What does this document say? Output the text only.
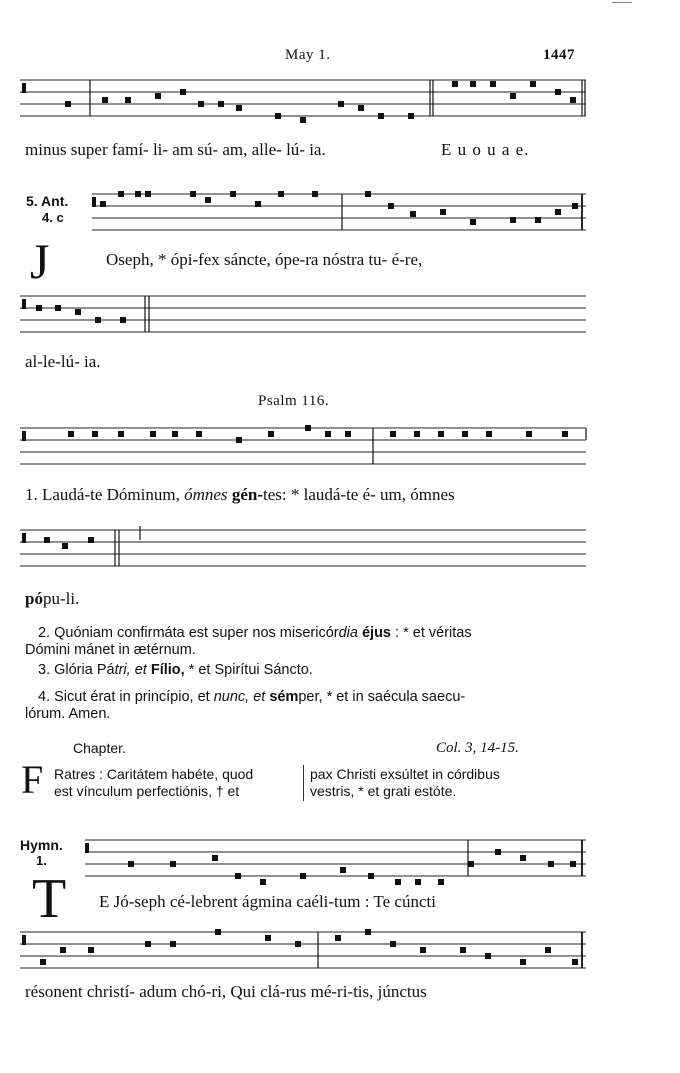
May 1.	1447
minus super famí- li- am sú- am, alle- lú- ia.	E u o u a e.
5. Ant.
4. c
J	Oseph, * ópi-fex sáncte, ópe-ra nóstra tu- é-re,
al-le-lú- ia.
Psalm 116.
1. Laudá-te Dóminum, ómnes gén-tes: * laudá-te é- um, ómnes
pópu-li.
2. Quóniam confirmáta est super nos misericórdia éjus : * et véritas
Dómini mánet in ætérnum.
3. Glória Pátri, et Fílio, * et Spirítui Sáncto.
4. Sicut érat in princípio, et nunc, et sémper, * et in saécula saecu-
lórum. Amen.
Chapter.	Col. 3, 14-15.
F Ratres : Caritátem habéte, quod
est vínculum perfectiónis, † et
pax Christi exsúltet in córdibus
vestris, * et grati estóte.
Hymn.
1.
T E Jó-seph cé-lebrent ágmina caéli-tum : Te cúncti
résonent christí- adum chó-ri, Qui clá-rus mé-ri-tis, júnctus
